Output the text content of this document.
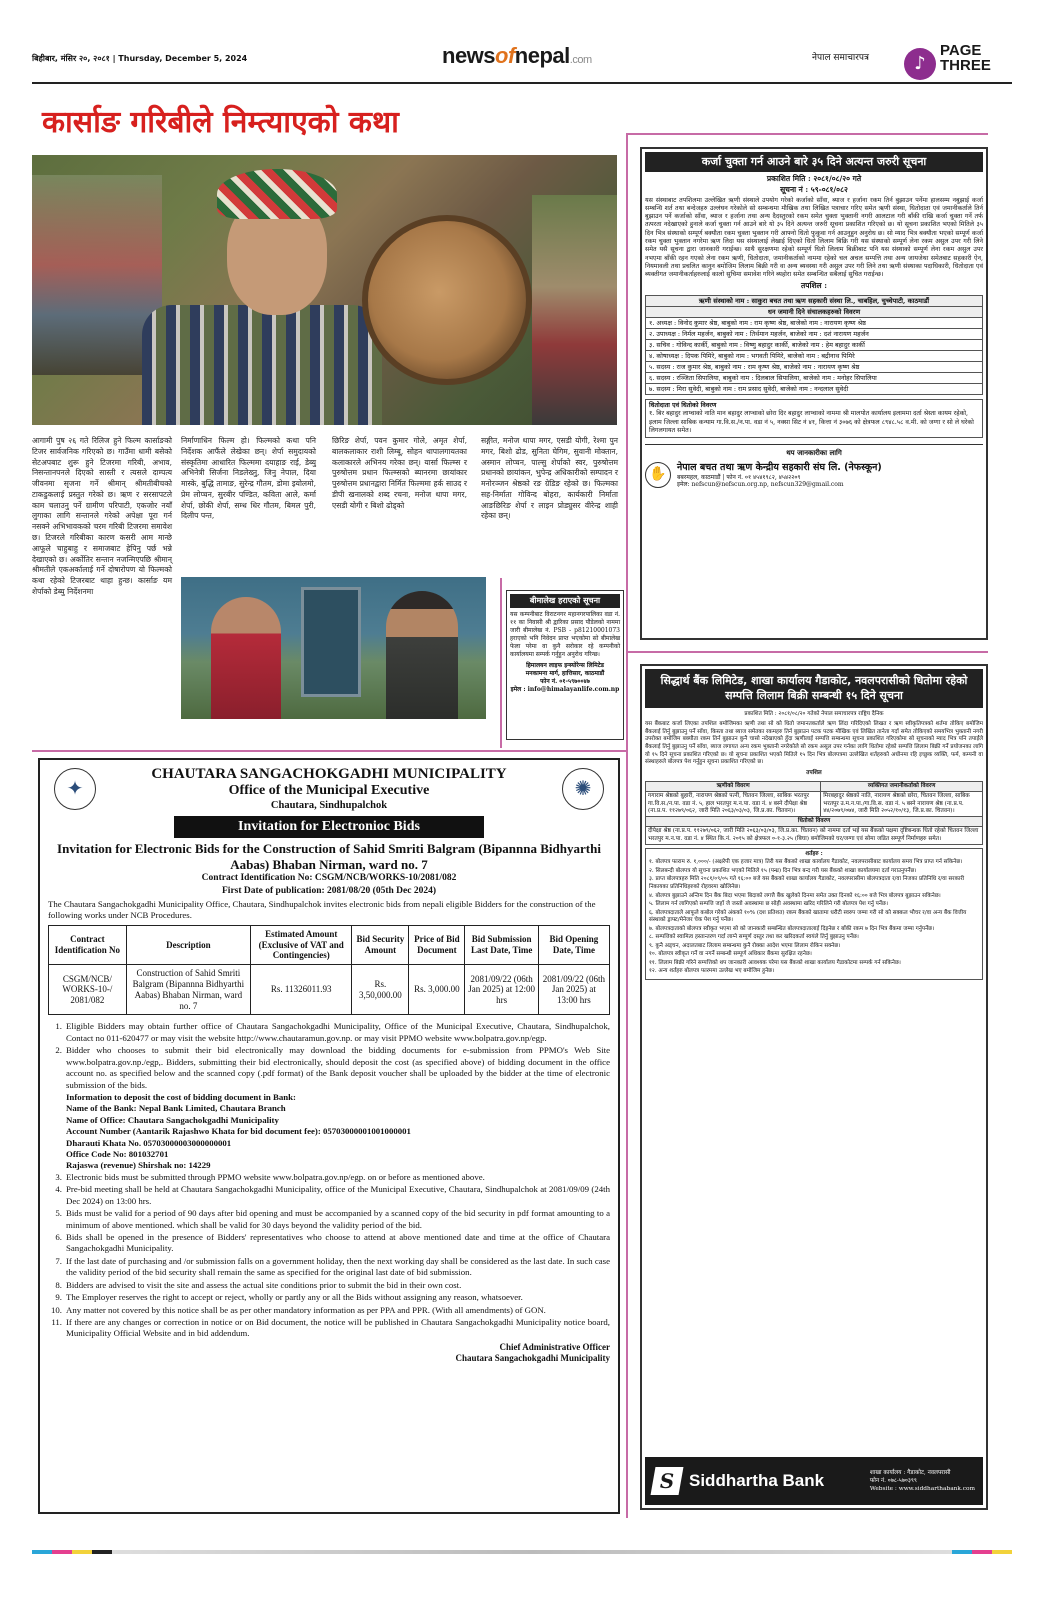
बिहीबार, मंसिर २०, २०८१ | Thursday, December 5, 2024	newsofnepal.com	नेपाल समाचारपत्र	♪
PAGE
THREE
कार्साङ गरिबीले निम्त्याएको कथा

आगामी पुष २६ गते रिलिज हुने फिल्म कार्साङको टिजर सार्वजनिक गरिएको छ। गाउँमा धामी बसेको सेटअपबाट शुरू हुने टिजरमा गरिबी, अभाव, निसन्तानपनले दिएको सास्ती र त्यसले दाम्पत्य जीवनमा सृजना गर्ने श्रीमान् श्रीमतीबीचको टाकडुकलाई प्रस्तुत गरेको छ। ऋण र सरसापटले काम चलाउनु पर्ने ग्रामीण परिपाटी, एकजोर नयाँ लुगाका लागि सन्तानले गरेको अपेक्षा पूरा गर्न नसक्ने अभिभावकको चरम गरिबी टिजरमा समावेश छ। टिजरले गरिबीका कारण कसरी आम मान्छे आफूले चाहुबाहु र समाजबाट हेपिनु पर्छ भन्ने देखाएको छ। अर्कोतिर सन्तान नजन्मिएपछि श्रीमान् श्रीमतीले एकअर्कालाई गर्ने दोषारोपण यो फिल्मको कथा रहेको टिजरबाट थाहा हुन्छ। कार्साङ यम शेर्पाको डेब्यु निर्देशनमा

निर्माणाधिन फिल्म हो। फिल्मको कथा पनि निर्देशक आफैंले लेखेका छन्। शेर्पा समुदायको संस्कृतिमा आधारित फिल्ममा दयाहाङ राई, डेब्यु अभिनेत्री सिर्जना निडलेख्नु, जिनु नेपाल, दिया मास्के, बुद्धि तामाङ, सुरेन्द्र गौतम, डोमा इयोलमो, प्रेम लोप्चन, सुरबीर पण्डित, कविता आले, कर्मा शेर्पा, छोकी शेर्पा, सम्ध धिर गौतम, बिमल पुरी, दिलीप पन्त,

छिरिङ शेर्पा, पवन कुमार गोले, अमृत शेर्पा, बालकलाकार राशी लिम्बू, सोहन थापालगायतका कलाकारले अभिनय गरेका छन्। यार्सा फिल्म्स र पुरुषोत्तम प्रधान फिल्म्सको ब्यानरमा छायांकार पुरुषोत्तम प्रधानद्वारा निर्मित फिल्ममा हर्क साउद र डीपी खनालको शब्द रचना, मनोज थापा मगर, एसडी योगी र बिशो ढोड्को

सङ्गीत, मनोज थापा मगर, एसडी योगी, रेश्मा पुन मगर, बिशो ढोड, सुनिता घेगिम, सुवानी मोक्तान, अस्मान लोप्चन, पाल्सु शेर्पाको स्वर, पुरुषोत्तम प्रधानको छायांकन, भुपेन्द्र अधिकारीको सम्पादन र मनोरञ्जन श्रेष्ठको रङ ग्रेडिङ रहेको छ। फिल्मका सह-निर्माता गोविन्द बोहरा, कार्यकारी निर्माता आङछिरिङ शेर्पा र लाइन प्रोड्युसर वीरेन्द्र शाही रहेका छन्।

कर्जा चुक्ता गर्न आउने बारे ३५ दिने अत्यन्त जरुरी सूचना
प्रकाशित मिति : २०८१/०८/२० गते
सूचना नं : ५९-०८१/०८२
यस संस्थाबाट तपशिलमा उल्लेखित ऋणी संस्थाले उपयोग गरेको कर्जाको साँवा, ब्याज र हर्जाना रकम तिर्न बुझाउन पर्नेमा हालसम्म नबुझाई कर्जा सम्बन्धि शर्त तथा बन्देजहरु उल्लंघन गरेकोले सो सम्बन्धमा मौखिक तथा लिखित पत्राचार गरिए समेत ऋणी संस्था, धितोदाता एवं जमानीकर्ताले तिर्न बुझाउन पर्ने कर्जाको साँवा, ब्याज र हर्जाना तथा अन्य दैदस्तुरको रकम समेत चुक्ता भुक्तानी नगरी आलटाल गरी बाँकी राखि कर्जा चुक्ता गर्ने तर्फ तत्परता नदेखाएको हुनाले कर्जा चुक्ता गर्न आउने बारे यो ३५ दिने अत्यन्त जरुरी सूचना प्रकाशित गरिएको छ। यो सूचना प्रकाशित भएको मितिले ३५ दिन भित्र संस्थाको सम्पूर्ण बक्यौता रकम चुक्ता भुक्तान गरी आफ्नो धितो फुकुवा गर्न आउनुहुन अनुरोध छ। सो म्याद भित्र बक्यौता भएको सम्पूर्ण कर्जा रकम चुक्ता भुक्तान नगरेमा ऋण लिदा यस संस्थालाई लेखाई दिएको धितो लिलाम बिक्रि गरी यस संस्थाको सम्पूर्ण लेना रकम असुल उपर गरी लिने समेत यसै सूचना द्वारा जानकारी गराईन्छ। साथै सुरक्षणमा रहेको सम्पूर्ण धितो लिलाम बिक्रीबाट पनि यस संस्थाको सम्पूर्ण लेना रकम असुल उपर नभएमा बाँकी रहन गएको लेना रकम ऋणी, धितोदाता, जमानीकर्ताको नाममा रहेको चल अचल सम्पत्ति तथा अन्य जायजेथा समेतबाट सहकारी ऐन, नियमावली तथा प्रचलित कानुन बमोजिम लिलाम बिक्री गरी वा अन्य ब्यवस्था गरी असुल उपर गरी लिने तथा ऋणी संस्थाका पदाधिकारी, धितोदाता एवं ब्यक्तीगत जमानीकर्ताहरुलाई कालो सुचिमा समावेश गरिने ब्यहोरा समेत सम्बन्धित सबैलाई सुचित गराईन्छ।
तपशिल :
ऋणी संस्थाको नाम : साकुरा बचत तथा ऋण सहकारी संस्था लि., चाबहिल, चुच्चेपाटी, काठमाडौं
धन जमानी दिने संचालकहरुको विवरण
१. अध्यक्ष : विनोद कुमार श्रेष्ठ, बाबुको नाम : राम कृष्ण श्रेष्ठ, बाजेको नाम : नारायण कृष्ण श्रेष्ठ
२. उपाध्यक्ष : निर्मल महर्जन, बाबुको नाम : तिर्थमान महर्जन, बाजेको नाम : दशं नारायण महर्जन
३. सचिव : गोविन्द कार्की, बाबुको नाम : विष्णु बहादुर कार्की, बाजेको नाम : हेम बहादुर कार्की
४. कोषाध्यक्ष : दिपक पिमिरे, बाबुको नाम : भगवती पिमिरे, बाजेको नाम : बद्रीनाथ पिमिरे
५. सदस्य : राज कुमार श्रेष्ठ, बाबुको नाम : राम कृष्ण श्रेष्ठ, बाजेको नाम : नारायण कृष्ण श्रेष्ठ
६. सदस्य : रञ्जिता सिपालिया, बाबुको नाम : दिलबाल सिपालिया, बाजेको नाम : मनोहर सिपालिया
७. सदस्य : मिरा सुवेदी, बाबुको नाम : राम प्रसाद सुवेदी, बाजेको नाम : नन्दलाल सुवेदी
धितोदाता एवं धितोको विवरण
१. बिर बहादुर लाप्चाको नाति मान बहादुर लाप्चाको छोरा दिर बहादुर लाप्चाको नाममा श्री मालपोत कार्यालय इलाममा दर्ता श्रेस्ता कायम रहेको, इलाम जिल्ला साबिक कन्याम गा.वि.स./न.पा. वडा नं ५, नक्सा सिट नं ४१, कित्ता नं ३०७६ को क्षेत्रफल ८९४८.५८ व.मी. को जग्गा र सो ले घरेको लिगलगायत समेत।
थप जानकारीका लागि
✋	नेपाल बचत तथा ऋण केन्द्रीय सहकारी संघ लि. (नेफस्कून)
बबरमहल, काठमाडौं | फोन नं. ०१ ४५४१९८२, ४५४२२०९
इमेल: nefscun@nefscun.org.np, nefscun329@gmail.com
बीमालेख हराएको सूचना
यस कम्पनीबाट विराटनगर महानगरपालिका वडा नं. ११ का निवासी श्री द्वारिका प्रसाद पौडेलको नाममा जारी बीमालेख नं. PSB - p81210001073 हराएको भनि निवेदन प्राप्त भएकोमा सो बीमालेख फेला परेमा वा कुनै सरोकार रहे कम्पनीको कार्यालयमा सम्पर्क गर्नुहुन अनुरोध गरिन्छ।
हिमालयन लाइफ इन्स्योरेन्स लिमिटेड
मनकामना मार्ग, हात्तिसार, काठमाडौं
फोन नं. ०१-५९७००४७
इमेल : info@himalayanlife.com.np
सिद्धार्थ बैंक लिमिटेड, शाखा कार्यालय गैडाकोट, नवलपरासीको धितोमा रहेको सम्पत्ति लिलाम बिक्री सम्बन्धी १५ दिने सूचना
प्रकाशित मिति : २०८१/०८/२० गतेको नेपाल समाचारपत्र राष्ट्रिय दैनिक
यस बैंकबाट कर्जा लिएका तपशिल बमोजिमका ऋणी तथा सो को धितो जमानतकर्ताले ऋण लिंदा गरिदिएको लिखत र ऋण स्वीकृतिपत्रको शर्तमा तोकिए बमोजिम बैंकलाई तिर्नु बुझाउनु पर्ने साँवा, किस्ता तथा ब्याज समेतका रकमहरु तिर्न बुझाउन पटक पटक मौखिक एवं लिखित तानेता गर्दा समेत तोकिएको समयभित्र भुक्तानी नगरी उपरोक्त बमोजिम बक्यौता रकम तिर्न बुझाउन कुनै चासो नदेखाएको हुँदा ऋणीलाई सम्पत्ति सम्बन्धमा सूचना प्रकाशित गरिएकोमा सो सूचनाको म्याद भित्र पनि तपाईंले बैंकलाई तिर्नु बुझाउनु पर्ने साँवा, ब्याज लगायत अन्य रकम भुक्तानी नगरेकोले सो रकम असूल उपर गर्नका लागि धितोमा रहेको सम्पत्ति लिलाम बिक्री गर्ने प्रयोजनका लागि यो १५ दिने सूचना प्रकाशित गरिएको छ। यो सूचना प्रकाशित भएको मितिले १५ दिन भित्र बोलपत्रमा उल्लेखित शर्तहरुको अधीनमा रहि इच्छुक व्यक्ति, फर्म, कम्पनी वा संस्थाहरुले बोलपत्र पेश गर्नुहुन सूचना प्रकाशित गरिएको छ।
तपशिल
ऋणीको विवरण	व्यक्तिगत जमानीकर्ताको विवरण
गगाराम श्रेष्ठको बुहारी, नारायण श्रेष्ठको पत्नी, चितवन जिल्ला, साबिक भरतपुर गा.वि.स./न.पा. वडा नं. ५, हाल भरतपुर म.न.पा. वडा नं. ४ बस्ने दीपेक्षा श्रेष्ठ (ना.प्र.प. ११२७९/०६२, जारी मिति २०६३/०३/०३, जि.प्र.का. चितवन)।	मिरबहादुर श्रेष्ठको नाति, नारायण श्रेष्ठको छोरा, चितवन जिल्ला, साबिक भरतपुर उ.म.न.पा./गा.वि.स. वडा नं. ५ बस्ने नारायण श्रेष्ठ (ना.प्र.प. ४४/२०७९/०७४, जारी मिति २०५२/१०/१३, जि.प्र.का. चितवन)।
धितोको विवरण	
दीपेक्षा श्रेष्ठ (ना.प्र.प. ११२७९/०६२, जारी मिति २०६३/०३/०३, जि.प्र.का. चितवन) को नाममा दर्ता भई यस बैंकको पक्षमा दृष्टिबन्धक धितो रहेको चितवन जिल्ला भरतपुर म.न.पा. वडा नं. ४ स्थित कि.नं. २०१५ को क्षेत्रफल ०-१-३.२५ (बिघा) बमोजिमको घर/जग्गा एवं सोमा जडित सम्पूर्ण निर्माणहरु समेत।	
शर्तहरु :
१. बोलपत्र फाराम रु. १,०००/- (अक्षरेपी एक हजार मात्र) तिरी यस बैंकको शाखा कार्यालय गैडाकोट, नवलपरासीबाट कार्यालय समय भित्र प्राप्त गर्न सकिनेछ।
२. सिलबन्दी बोलपत्र यो सूचना प्रकाशित भएको मितिले १५ (पन्ध्र) दिन भित्र बन्द गरी यस बैंकको शाखा कार्यालयमा दर्ता गराउनुपर्नेछ।
३. प्राप्त बोलपत्रहरु मिति २०८१/०९/०५ गते १६:०० बजे यस बैंकको शाखा कार्यालय गैडाकोट, नवलपरासीमा बोलपत्रदाता र/वा निजका प्रतिनिधि र/वा सरकारी निकायका प्रतिनिधिहरुको रोहवरमा खोलिनेछ।
४. बोलपत्र बुझाउने अन्तिम दिन बैंक बिदा भएमा बिदाको लगत्तै बैंक खुलेको दिनमा समेत उक्त दिनको १६:०० बजे भित्र बोलपत्र बुझाउन सकिनेछ।
५. लिलाम गर्न लागिएको सम्पत्ति जहाँ जे जस्तो अवस्थामा छ सोही अवस्थामा खरिद गरिलिने गरी बोलपत्र पेश गर्नु पर्नेछ।
६. बोलपत्रदाताले आफूले कबोल गरेको अंकको १०% (दश प्रतिशत) रकम बैंकको खातामा धरौटी स्वरुप जम्मा गरी सो को सक्कल भौचर र/वा अन्य बैंक वित्तीय संस्थाको ड्राफ्ट/मेनेजर चेक पेश गर्नु पर्नेछ।
७. बोलपत्रदाताको बोलपत्र स्वीकृत भएमा सो को जानकारी सम्बन्धित बोलपत्रदातालाई दिइनेछ र बाँकी रकम ७ दिन भित्र बैंकमा जम्मा गर्नुपर्नेछ।
८. सम्पत्तिको स्वामित्व हस्तान्तरण गर्दा लाग्ने सम्पूर्ण दस्तुर तथा कर खरिदकर्ता स्वयंले तिर्नु बुझाउनु पर्नेछ।
९. कुनै अड्चन, अदालतबाट लिलाम सम्बन्धमा कुनै रोक्का आदेश भएमा लिलाम रोकिन सक्नेछ।
१०. बोलपत्र स्वीकृत गर्ने वा नगर्ने सम्बन्धी सम्पूर्ण अधिकार बैंकमा सुरक्षित रहनेछ।
११. लिलाम बिक्री गरिने सम्पत्तिको थप जानकारी आवश्यक परेमा यस बैंकको शाखा कार्यालय गैडाकोटमा सम्पर्क गर्न सकिनेछ।
१२. अन्य शर्तहरु बोलपत्र फारममा उल्लेख भए बमोजिम हुनेछ।
S Siddhartha Bank	शाखा कार्यालय : गैडाकोट, नवलपरासी
फोन नं. ०७८-५७०३९९
Website : www.siddharthabank.com
✦	✺
CHAUTARA SANGACHOKGADHI MUNICIPALITY
Office of the Municipal Executive
Chautara, Sindhupalchok
Invitation for Electronioc Bids
Invitation for Electronic Bids for the Construction of Sahid Smriti Balgram (Bipannna Bidhyarthi Aabas) Bhaban Nirman, ward no. 7
Contract Identification No: CSGM/NCB/WORKS-10/2081/082
First Date of publication: 2081/08/20 (05th Dec 2024)
The Chautara Sangachokgadhi Municipality Office, Chautara, Sindhupalchok invites electronic bids from nepali eligible Bidders for the construction of the following works under NCB Procedures.
Contract Identification No	Description	Estimated Amount (Exclusive of VAT and Contingencies)	Bid Security Amount	Price of Bid Document	Bid Submission Last Date, Time	Bid Opening Date, Time
CSGM/NCB/ WORKS-10-/ 2081/082	Construction of Sahid Smriti Balgram (Bipannna Bidhyarthi Aabas) Bhaban Nirman, ward no. 7	Rs. 11326011.93	Rs. 3,50,000.00	Rs. 3,000.00	2081/09/22 (06th Jan 2025) at 12:00 hrs	2081/09/22 (06th Jan 2025) at 13:00 hrs
1. Eligible Bidders may obtain further office of Chautara Sangachokgadhi Municipality, Office of the Municipal Executive, Chautara, Sindhupalchok, Contact no 011-620477 or may visit the website http://www.chautaramun.gov.np. or may visit PPMO website www.bolpatra.gov.np/egp.
2. Bidder who chooses to submit their bid electronically may download the bidding documents for e-submission from PPMO's Web Site www.bolpatra.gov.np./egp,. Bidders, submitting their bid electronically, should deposit the cost (as specified above) of bidding document in the office account no. as specified below and the scanned copy (.pdf format) of the Bank deposit voucher shall be uploaded by the bidder at the time of electronic submission of the bids.
Information to deposit the cost of bidding document in Bank:
Name of the Bank: Nepal Bank Limited, Chautara Branch
Name of Office: Chautara Sangachokgadhi Municipality
Account Number (Aantarik Rajashwo Khata for bid document fee): 05703000001001000001
Dharauti Khata No. 05703000003000000001
Office Code No: 801032701
Rajaswa (revenue) Shirshak no: 14229
3. Electronic bids must be submitted through PPMO website www.bolpatra.gov.np/egp. on or before as mentioned above.
4. Pre-bid meeting shall be held at Chautara Sangachokgadhi Municipality, office of the Municipal Executive, Chautara, Sindhupalchok at 2081/09/09 (24th Dec 2024) on 13:00 hrs.
5. Bids must be valid for a period of 90 days after bid opening and must be accompanied by a scanned copy of the bid security in pdf format amounting to a minimum of above mentioned. which shall be valid for 30 days beyond the validity period of the bid.
6. Bids shall be opened in the presence of Bidders' representatives who choose to attend at above mentioned date and time at the office of Chautara Sangachokgadhi Municipality.
7. If the last date of purchasing and /or submission falls on a government holiday, then the next working day shall be considered as the last date. In such case the validity period of the bid security shall remain the same as specified for the original last date of bid submission.
8. Bidders are advised to visit the site and assess the actual site conditions prior to submit the bid in their own cost.
9. The Employer reserves the right to accept or reject, wholly or partly any or all the Bids without assigning any reason, whatsoever.
10. Any matter not covered by this notice shall be as per other mandatory information as per PPA and PPR. (With all amendments) of GON.
11. If there are any changes or correction in notice or on Bid document, the notice will be published in Chautara Sangachokgadhi Municipality notice board, Municipality Official Website and in bid addendum.
Chief Administrative Officer
Chautara Sangachokgadhi Municipality
